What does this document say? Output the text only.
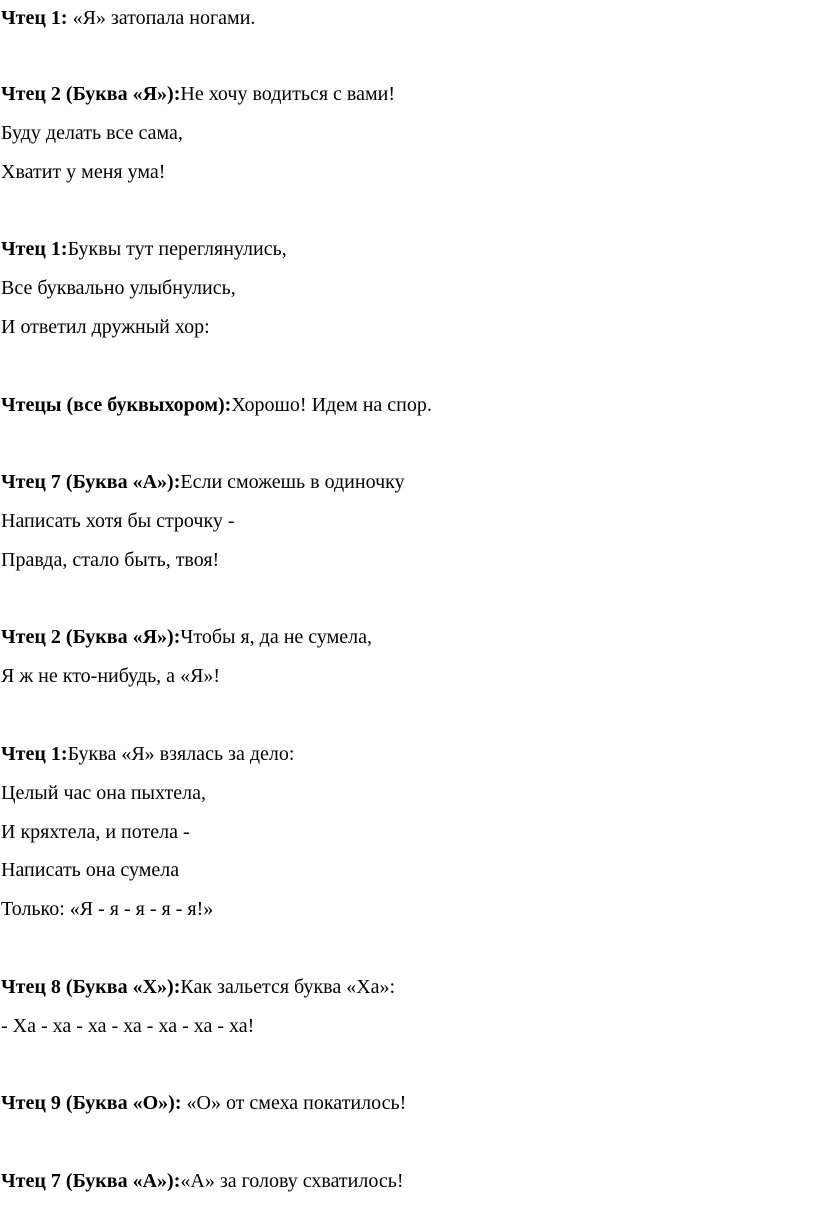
Чтец 1: «Я» затопала ногами.
Чтец 2 (Буква «Я»):Не хочу водиться с вами!
Буду делать все сама,
Хватит у меня ума!
Чтец 1:Буквы тут переглянулись,
Все буквально улыбнулись,
И ответил дружный хор:
Чтецы (все буквыхором):Хорошо! Идем на спор.
Чтец 7 (Буква «А»):Если сможешь в одиночку
Написать хотя бы строчку -
Правда, стало быть, твоя!
Чтец 2 (Буква «Я»):Чтобы я, да не сумела,
Я ж не кто-нибудь, а «Я»!
Чтец 1:Буква «Я» взялась за дело:
Целый час она пыхтела,
И кряхтела, и потела -
Написать она сумела
Только: «Я - я - я - я - я!»
Чтец 8 (Буква «Х»):Как зальется буква «Ха»:
- Ха - ха - ха - ха - ха - ха - ха!
Чтец 9 (Буква «О»): «О» от смеха покатилось!
Чтец 7 (Буква «А»):«А» за голову схватилось!
